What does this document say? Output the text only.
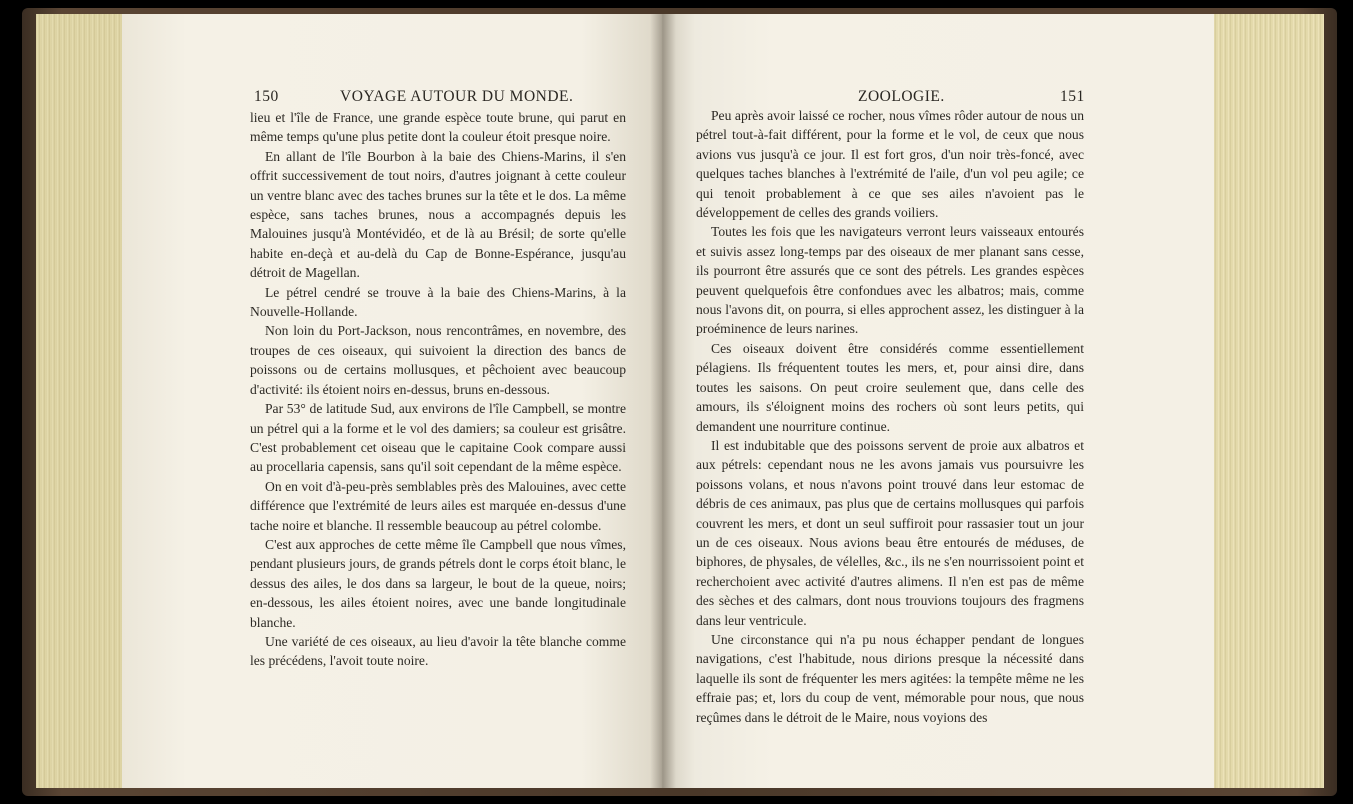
150	VOYAGE AUTOUR DU MONDE.	ZOOLOGIE.	151

lieu et l'île de France, une grande espèce toute brune, qui parut en même temps qu'une plus petite dont la couleur étoit presque noire.

En allant de l'île Bourbon à la baie des Chiens-Marins, il s'en offrit successivement de tout noirs, d'autres joignant à cette couleur un ventre blanc avec des taches brunes sur la tête et le dos. La même espèce, sans taches brunes, nous a accompagnés depuis les Malouines jusqu'à Montévidéo, et de là au Brésil; de sorte qu'elle habite en-deçà et au-delà du Cap de Bonne-Espérance, jusqu'au détroit de Magellan.

Le pétrel cendré se trouve à la baie des Chiens-Marins, à la Nouvelle-Hollande.

Non loin du Port-Jackson, nous rencontrâmes, en novembre, des troupes de ces oiseaux, qui suivoient la direction des bancs de poissons ou de certains mollusques, et pêchoient avec beaucoup d'activité: ils étoient noirs en-dessus, bruns en-dessous.

Par 53° de latitude Sud, aux environs de l'île Campbell, se montre un pétrel qui a la forme et le vol des damiers; sa couleur est grisâtre. C'est probablement cet oiseau que le capitaine Cook compare aussi au procellaria capensis, sans qu'il soit cependant de la même espèce.

On en voit d'à-peu-près semblables près des Malouines, avec cette différence que l'extrémité de leurs ailes est marquée en-dessus d'une tache noire et blanche. Il ressemble beaucoup au pétrel colombe.

C'est aux approches de cette même île Campbell que nous vîmes, pendant plusieurs jours, de grands pétrels dont le corps étoit blanc, le dessus des ailes, le dos dans sa largeur, le bout de la queue, noirs; en-dessous, les ailes étoient noires, avec une bande longitudinale blanche.

Une variété de ces oiseaux, au lieu d'avoir la tête blanche comme les précédens, l'avoit toute noire.

Peu après avoir laissé ce rocher, nous vîmes rôder autour de nous un pétrel tout-à-fait différent, pour la forme et le vol, de ceux que nous avions vus jusqu'à ce jour. Il est fort gros, d'un noir très-foncé, avec quelques taches blanches à l'extrémité de l'aile, d'un vol peu agile; ce qui tenoit probablement à ce que ses ailes n'avoient pas le développement de celles des grands voiliers.

Toutes les fois que les navigateurs verront leurs vaisseaux entourés et suivis assez long-temps par des oiseaux de mer planant sans cesse, ils pourront être assurés que ce sont des pétrels. Les grandes espèces peuvent quelquefois être confondues avec les albatros; mais, comme nous l'avons dit, on pourra, si elles approchent assez, les distinguer à la proéminence de leurs narines.

Ces oiseaux doivent être considérés comme essentiellement pélagiens. Ils fréquentent toutes les mers, et, pour ainsi dire, dans toutes les saisons. On peut croire seulement que, dans celle des amours, ils s'éloignent moins des rochers où sont leurs petits, qui demandent une nourriture continue.

Il est indubitable que des poissons servent de proie aux albatros et aux pétrels: cependant nous ne les avons jamais vus poursuivre les poissons volans, et nous n'avons point trouvé dans leur estomac de débris de ces animaux, pas plus que de certains mollusques qui parfois couvrent les mers, et dont un seul suffiroit pour rassasier tout un jour un de ces oiseaux. Nous avions beau être entourés de méduses, de biphores, de physales, de vélelles, &c., ils ne s'en nourrissoient point et recherchoient avec activité d'autres alimens. Il n'en est pas de même des sèches et des calmars, dont nous trouvions toujours des fragmens dans leur ventricule.

Une circonstance qui n'a pu nous échapper pendant de longues navigations, c'est l'habitude, nous dirions presque la nécessité dans laquelle ils sont de fréquenter les mers agitées: la tempête même ne les effraie pas; et, lors du coup de vent, mémorable pour nous, que nous reçûmes dans le détroit de le Maire, nous voyions des
